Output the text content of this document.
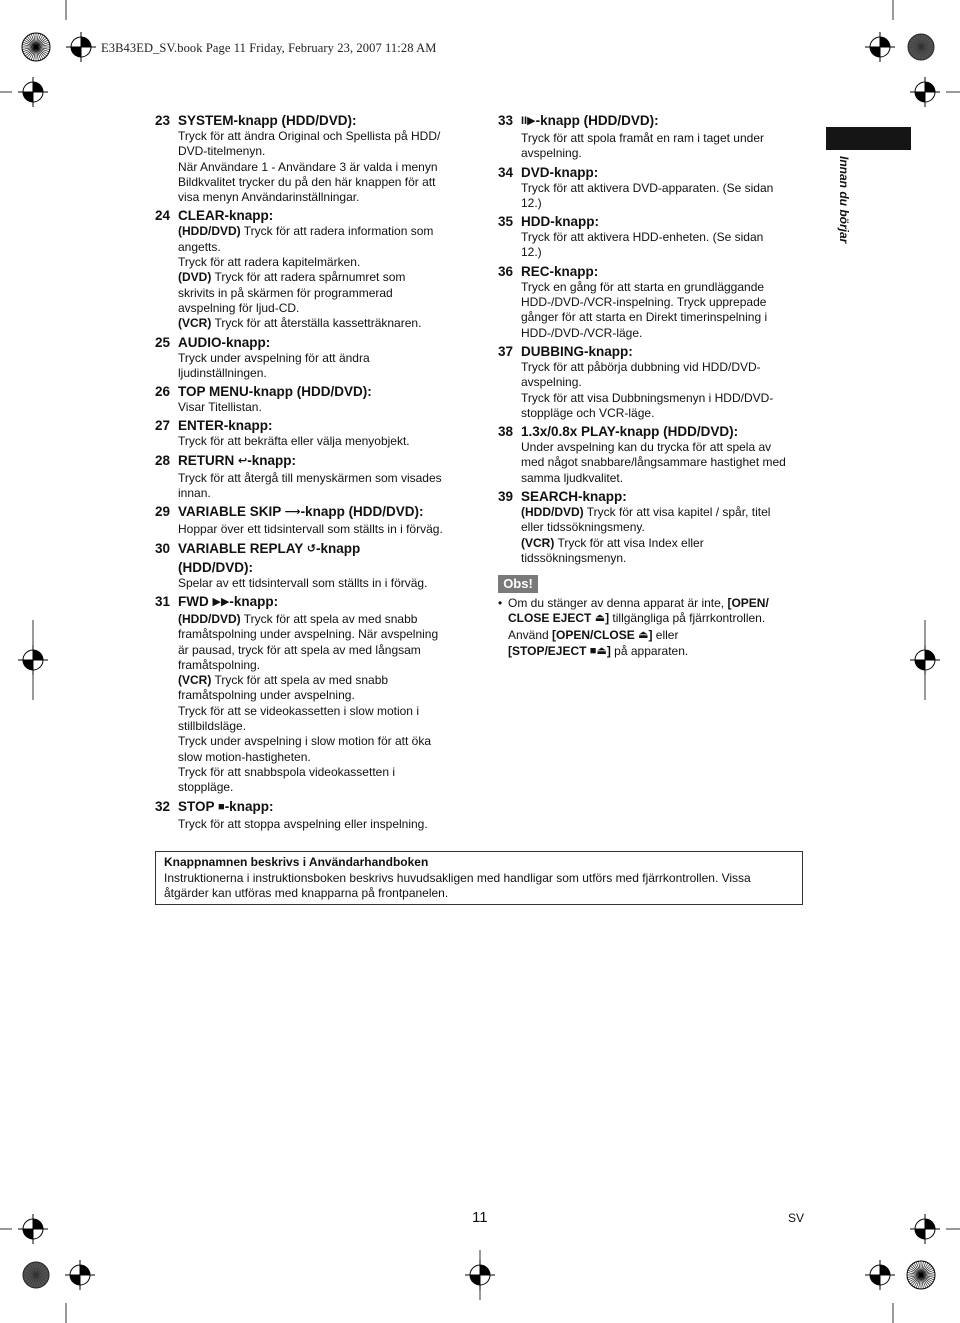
E3B43ED_SV.book Page 11 Friday, February 23, 2007 11:28 AM
Innan du börjar
23 SYSTEM-knapp (HDD/DVD):

Tryck för att ändra Original och Spellista på HDD/

DVD-titelmenyn.

När Användare 1 - Användare 3 är valda i menyn

Bildkvalitet trycker du på den här knappen för att

visa menyn Användarinställningar.

24 CLEAR-knapp:

(HDD/DVD) Tryck för att radera information som

angetts.

Tryck för att radera kapitelmärken.

(DVD) Tryck för att radera spårnumret som

skrivits in på skärmen för programmerad

avspelning för ljud-CD.

(VCR) Tryck för att återställa kassetträknaren.

25 AUDIO-knapp:

Tryck under avspelning för att ändra

ljudinställningen.

26 TOP MENU-knapp (HDD/DVD):

Visar Titellistan.

27 ENTER-knapp:

Tryck för att bekräfta eller välja menyobjekt.

28 RETURN ↩-knapp:

Tryck för att återgå till menyskärmen som visades

innan.

29 VARIABLE SKIP ⟶-knapp (HDD/DVD):

Hoppar över ett tidsintervall som ställts in i förväg.

30 VARIABLE REPLAY ↺-knapp
(HDD/DVD):

Spelar av ett tidsintervall som ställts in i förväg.

31 FWD ▶▶-knapp:

(HDD/DVD) Tryck för att spela av med snabb

framåtspolning under avspelning. När avspelning

är pausad, tryck för att spela av med långsam

framåtspolning.

(VCR) Tryck för att spela av med snabb

framåtspolning under avspelning.

Tryck för att se videokassetten i slow motion i

stillbildsläge.

Tryck under avspelning i slow motion för att öka

slow motion-hastigheten.

Tryck för att snabbspola videokassetten i

stoppläge.

32 STOP ■-knapp:

Tryck för att stoppa avspelning eller inspelning.

33 II▶-knapp (HDD/DVD):

Tryck för att spola framåt en ram i taget under

avspelning.

34 DVD-knapp:

Tryck för att aktivera DVD-apparaten. (Se sidan

12.)

35 HDD-knapp:

Tryck för att aktivera HDD-enheten. (Se sidan

12.)

36 REC-knapp:

Tryck en gång för att starta en grundläggande

HDD-/DVD-/VCR-inspelning. Tryck upprepade

gånger för att starta en Direkt timerinspelning i

HDD-/DVD-/VCR-läge.

37 DUBBING-knapp:

Tryck för att påbörja dubbning vid HDD/DVD-

avspelning.

Tryck för att visa Dubbningsmenyn i HDD/DVD-

stoppläge och VCR-läge.

38 1.3x/0.8x PLAY-knapp (HDD/DVD):

Under avspelning kan du trycka för att spela av

med något snabbare/långsammare hastighet med

samma ljudkvalitet.

39 SEARCH-knapp:

(HDD/DVD) Tryck för att visa kapitel / spår, titel

eller tidssökningsmeny.

(VCR) Tryck för att visa Index eller

tidssökningsmenyn.

Obs!
• Om du stänger av denna apparat är inte, [OPEN/
CLOSE EJECT ⏏] tillgängliga på fjärrkontrollen.
Använd [OPEN/CLOSE ⏏] eller
[STOP/EJECT ■⏏] på apparaten.
Knappnamnen beskrivs i Användarhandboken
Instruktionerna i instruktionsboken beskrivs huvudsakligen med handligar som utförs med fjärrkontrollen. Vissa åtgärder kan utföras med knapparna på frontpanelen.
11	SV
